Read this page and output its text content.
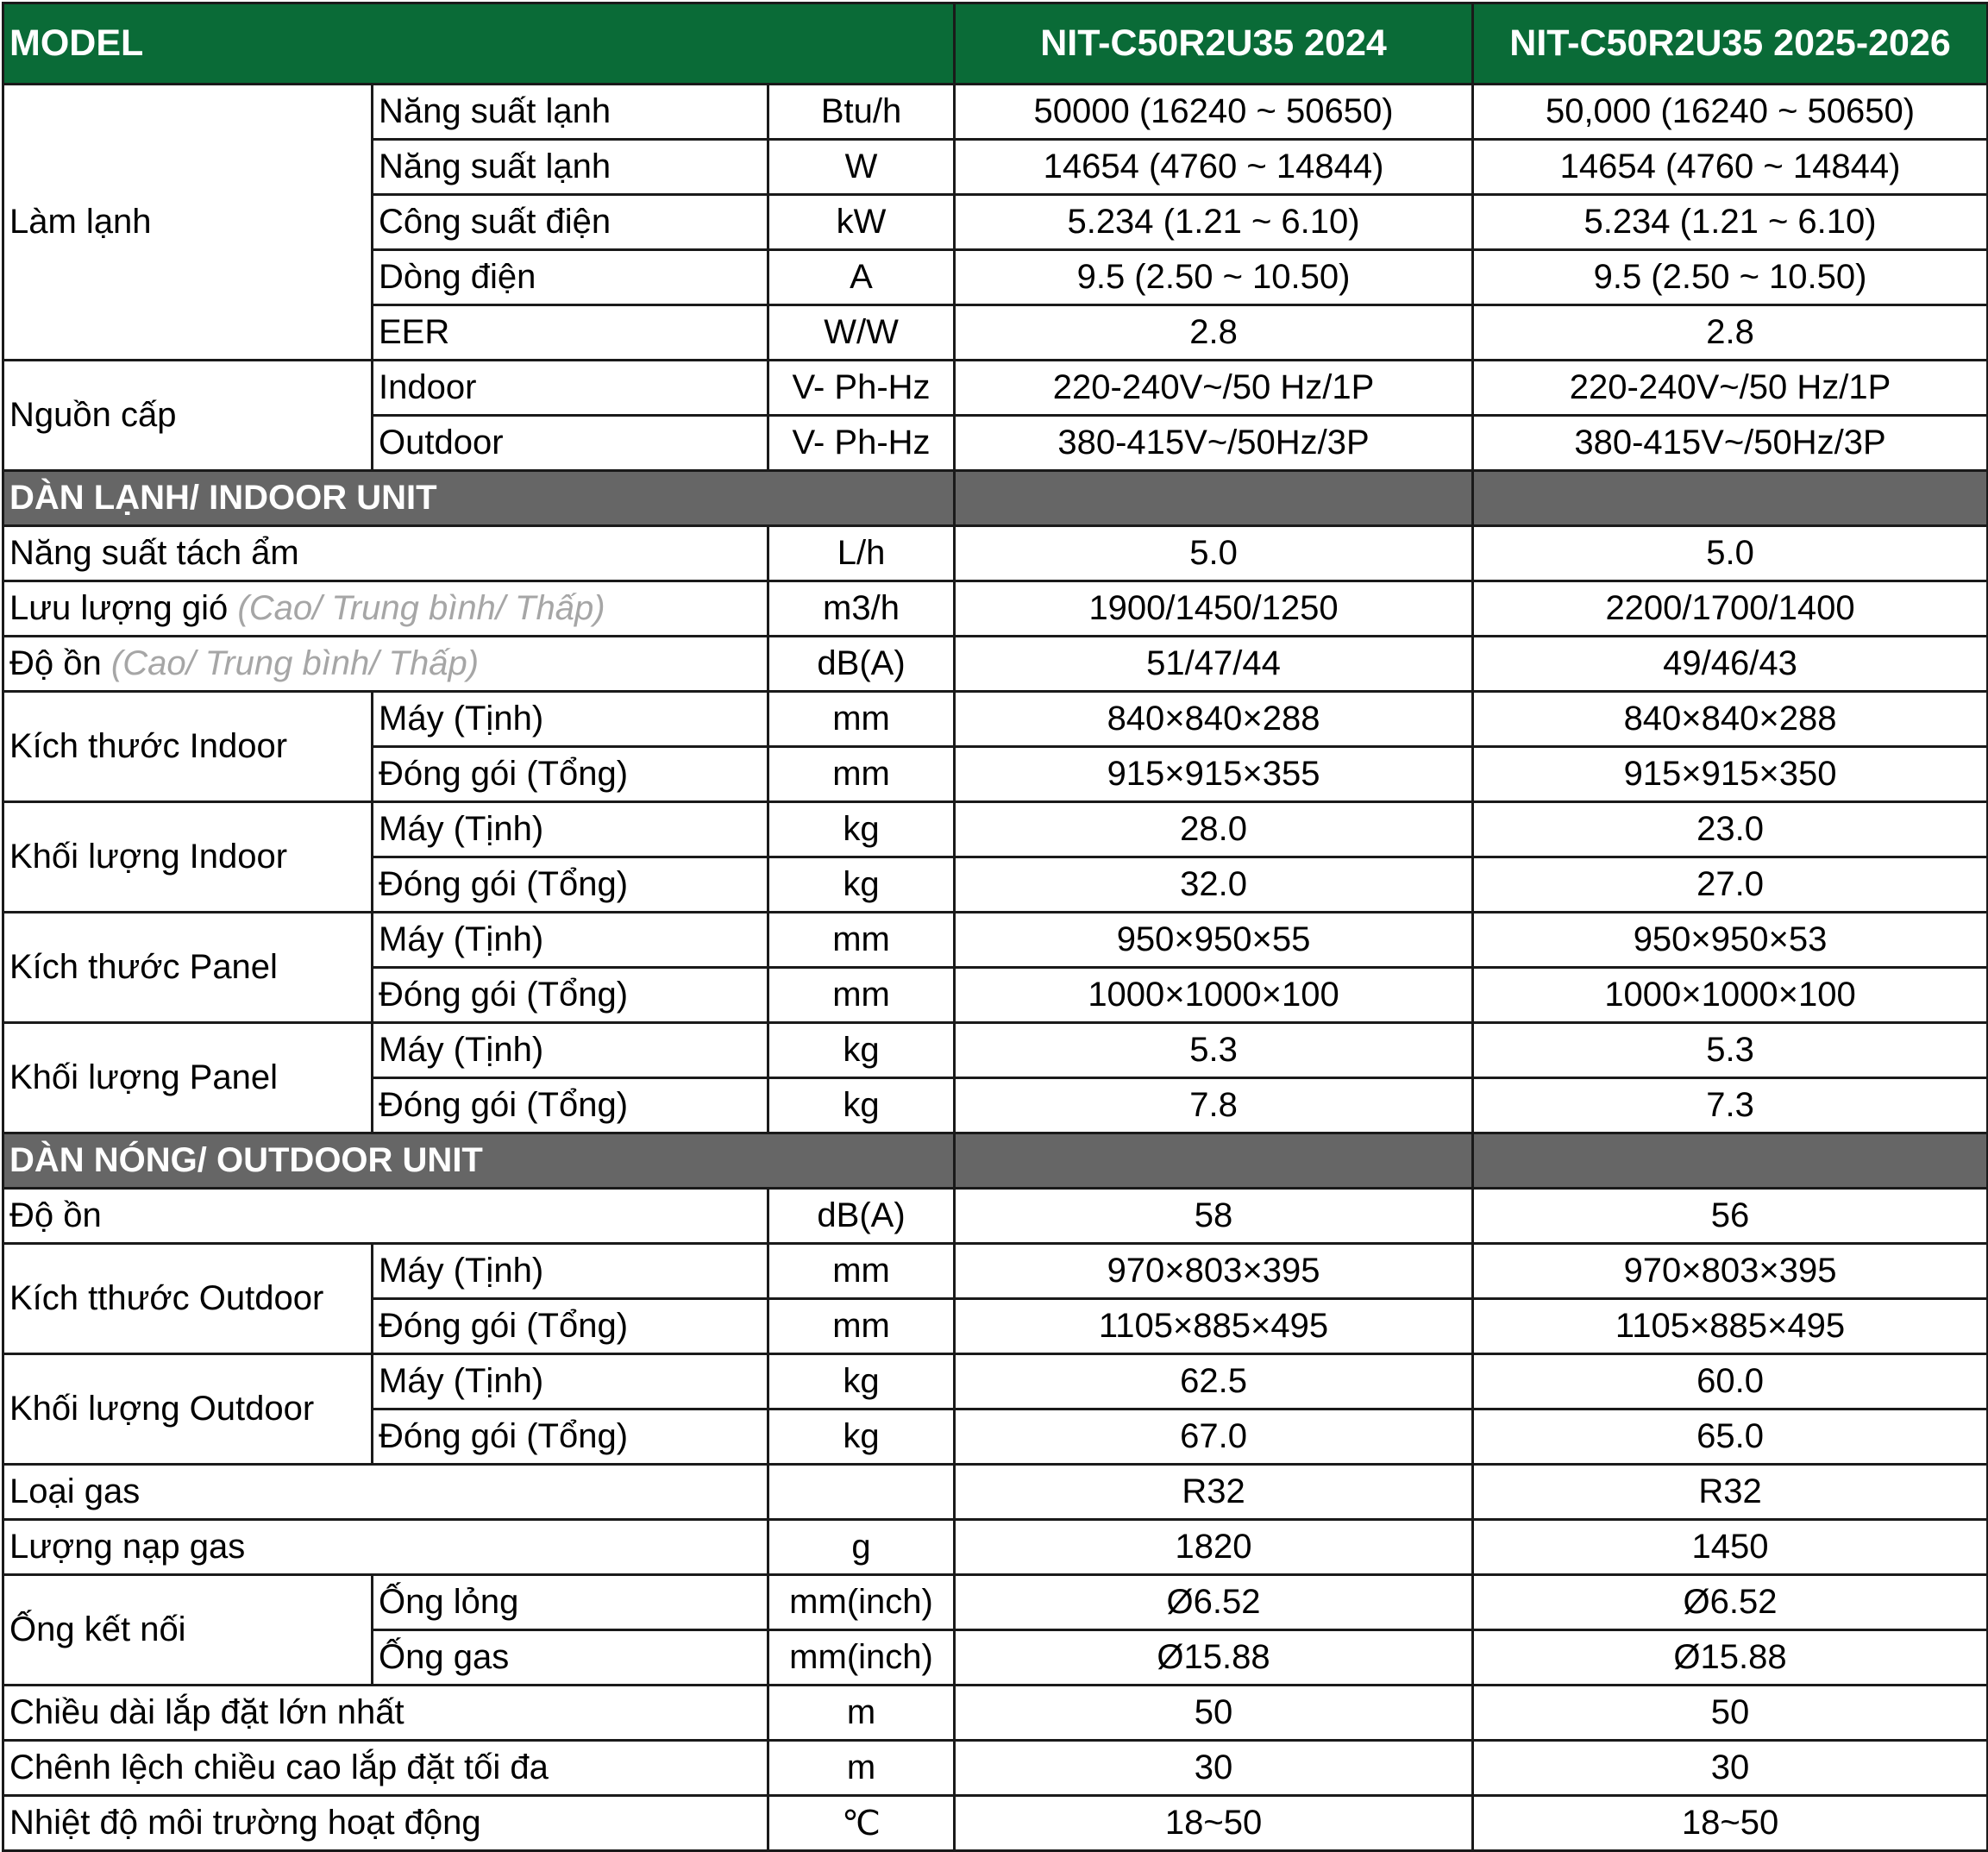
MODEL			NIT-C50R2U35 2024	NIT-C50R2U35 2025-2026
Làm lạnh	Năng suất lạnh	Btu/h	50000 (16240 ~ 50650)	50,000 (16240 ~ 50650)
	Năng suất lạnh	W	14654 (4760 ~ 14844)	14654 (4760 ~ 14844)
	Công suất điện	kW	5.234 (1.21 ~ 6.10)	5.234 (1.21 ~ 6.10)
	Dòng điện	A	9.5 (2.50 ~ 10.50)	9.5 (2.50 ~ 10.50)
	EER	W/W	2.8	2.8
Nguồn cấp	Indoor	V- Ph-Hz	220-240V~/50 Hz/1P	220-240V~/50 Hz/1P
	Outdoor	V- Ph-Hz	380-415V~/50Hz/3P	380-415V~/50Hz/3P
DÀN LẠNH/ INDOOR UNIT				
Năng suất tách ẩm		L/h	5.0	5.0
Lưu lượng gió (Cao/ Trung bình/ Thấp)		m3/h	1900/1450/1250	2200/1700/1400
Độ ồn (Cao/ Trung bình/ Thấp)		dB(A)	51/47/44	49/46/43
Kích thước Indoor	Máy (Tịnh)	mm	840×840×288	840×840×288
	Đóng gói (Tổng)	mm	915×915×355	915×915×350
Khối lượng Indoor	Máy (Tịnh)	kg	28.0	23.0
	Đóng gói (Tổng)	kg	32.0	27.0
Kích thước Panel	Máy (Tịnh)	mm	950×950×55	950×950×53
	Đóng gói (Tổng)	mm	1000×1000×100	1000×1000×100
Khối lượng Panel	Máy (Tịnh)	kg	5.3	5.3
	Đóng gói (Tổng)	kg	7.8	7.3
DÀN NÓNG/ OUTDOOR UNIT				
Độ ồn		dB(A)	58	56
Kích tthước Outdoor	Máy (Tịnh)	mm	970×803×395	970×803×395
	Đóng gói (Tổng)	mm	1105×885×495	1105×885×495
Khối lượng Outdoor	Máy (Tịnh)	kg	62.5	60.0
	Đóng gói (Tổng)	kg	67.0	65.0
Loại gas			R32	R32
Lượng nạp gas		g	1820	1450
Ống kết nối	Ống lỏng	mm(inch)	Ø6.52	Ø6.52
	Ống gas	mm(inch)	Ø15.88	Ø15.88
Chiều dài lắp đặt lớn nhất		m	50	50
Chênh lệch chiều cao lắp đặt tối đa		m	30	30
Nhiệt độ môi trường hoạt động		℃	18~50	18~50
